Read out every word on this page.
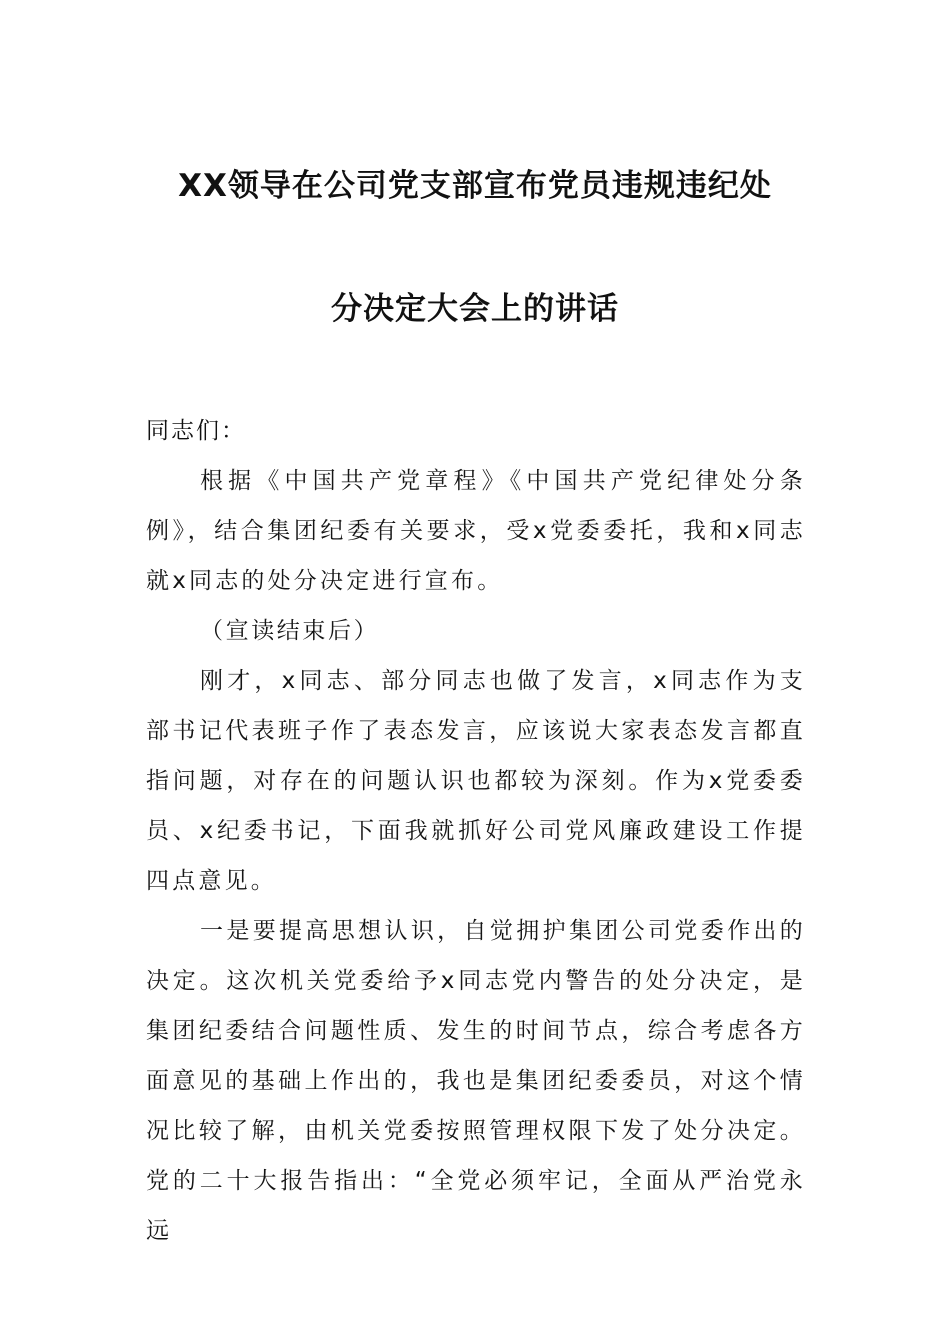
XX领导在公司党支部宣布党员违规违纪处
分决定大会上的讲话
同志们：

根据《中国共产党章程》《中国共产党纪律处分条例》，结合集团纪委有关要求，受x党委委托，我和x同志就x同志的处分决定进行宣布。

（宣读结束后）

刚才，x同志、部分同志也做了发言，x同志作为支部书记代表班子作了表态发言，应该说大家表态发言都直指问题，对存在的问题认识也都较为深刻。作为x党委委员、x纪委书记，下面我就抓好公司党风廉政建设工作提四点意见。

一是要提高思想认识，自觉拥护集团公司党委作出的决定。这次机关党委给予x同志党内警告的处分决定，是集团纪委结合问题性质、发生的时间节点，综合考虑各方面意见的基础上作出的，我也是集团纪委委员，对这个情况比较了解，由机关党委按照管理权限下发了处分决定。党的二十大报告指出：“全党必须牢记，全面从严治党永远
